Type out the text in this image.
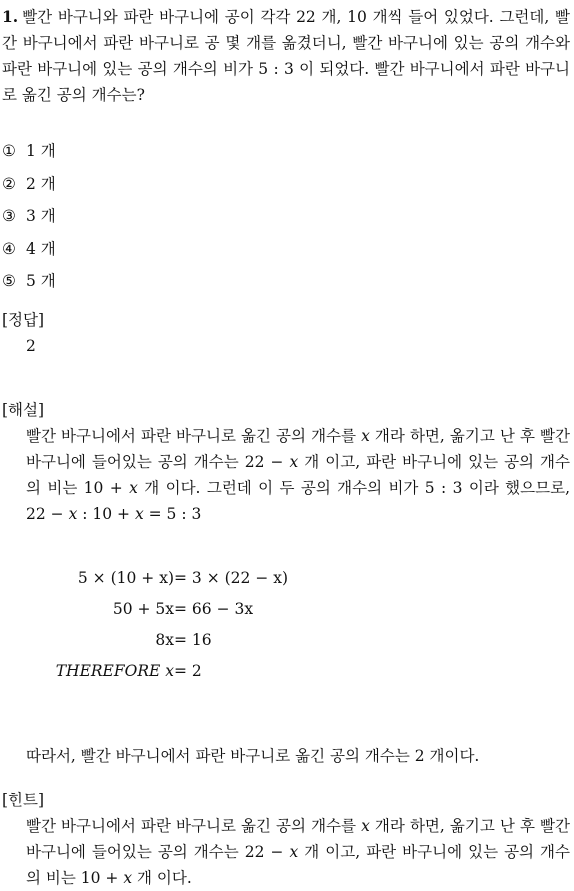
1. 빨간 바구니와 파란 바구니에 공이 각각 22 개, 10 개씩 들어 있었다. 그런데, 빨간 바구니에서 파란 바구니로 공 몇 개를 옮겼더니, 빨간 바구니에 있는 공의 개수와 파란 바구니에 있는 공의 개수의 비가 5 : 3 이 되었다. 빨간 바구니에서 파란 바구니로 옮긴 공의 개수는?

① 1 개
② 2 개
③ 3 개
④ 4 개
⑤ 5 개
[정답]
2
[해설]

빨간 바구니에서 파란 바구니로 옮긴 공의 개수를 x 개라 하면, 옮기고 난 후 빨간 바구니에 들어있는 공의 개수는 22 − x 개 이고, 파란 바구니에 있는 공의 개수의 비는 10 + x 개 이다. 그런데 이 두 공의 개수의 비가 5 : 3 이라 했으므로, 22 − x : 10 + x = 5 : 3

5 × (10 + x) = 3 × (22 − x)
50 + 5x = 66 − 3x
8x = 16
THEREFORE x = 2
따라서, 빨간 바구니에서 파란 바구니로 옮긴 공의 개수는 2 개이다.
[힌트]

빨간 바구니에서 파란 바구니로 옮긴 공의 개수를 x 개라 하면, 옮기고 난 후 빨간 바구니에 들어있는 공의 개수는 22 − x 개 이고, 파란 바구니에 있는 공의 개수의 비는 10 + x 개 이다.
